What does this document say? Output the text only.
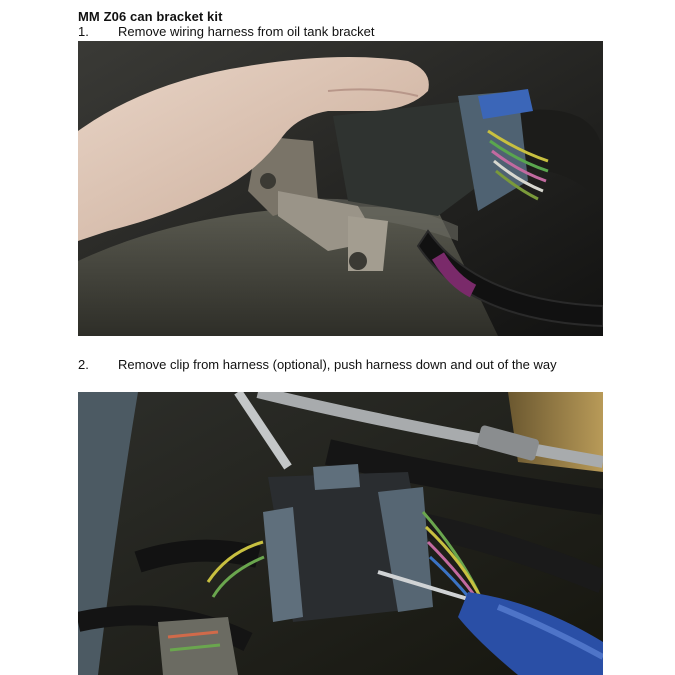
MM Z06 can bracket kit
1. Remove wiring harness from oil tank bracket
2. Remove clip from harness (optional), push harness down and out of the way
